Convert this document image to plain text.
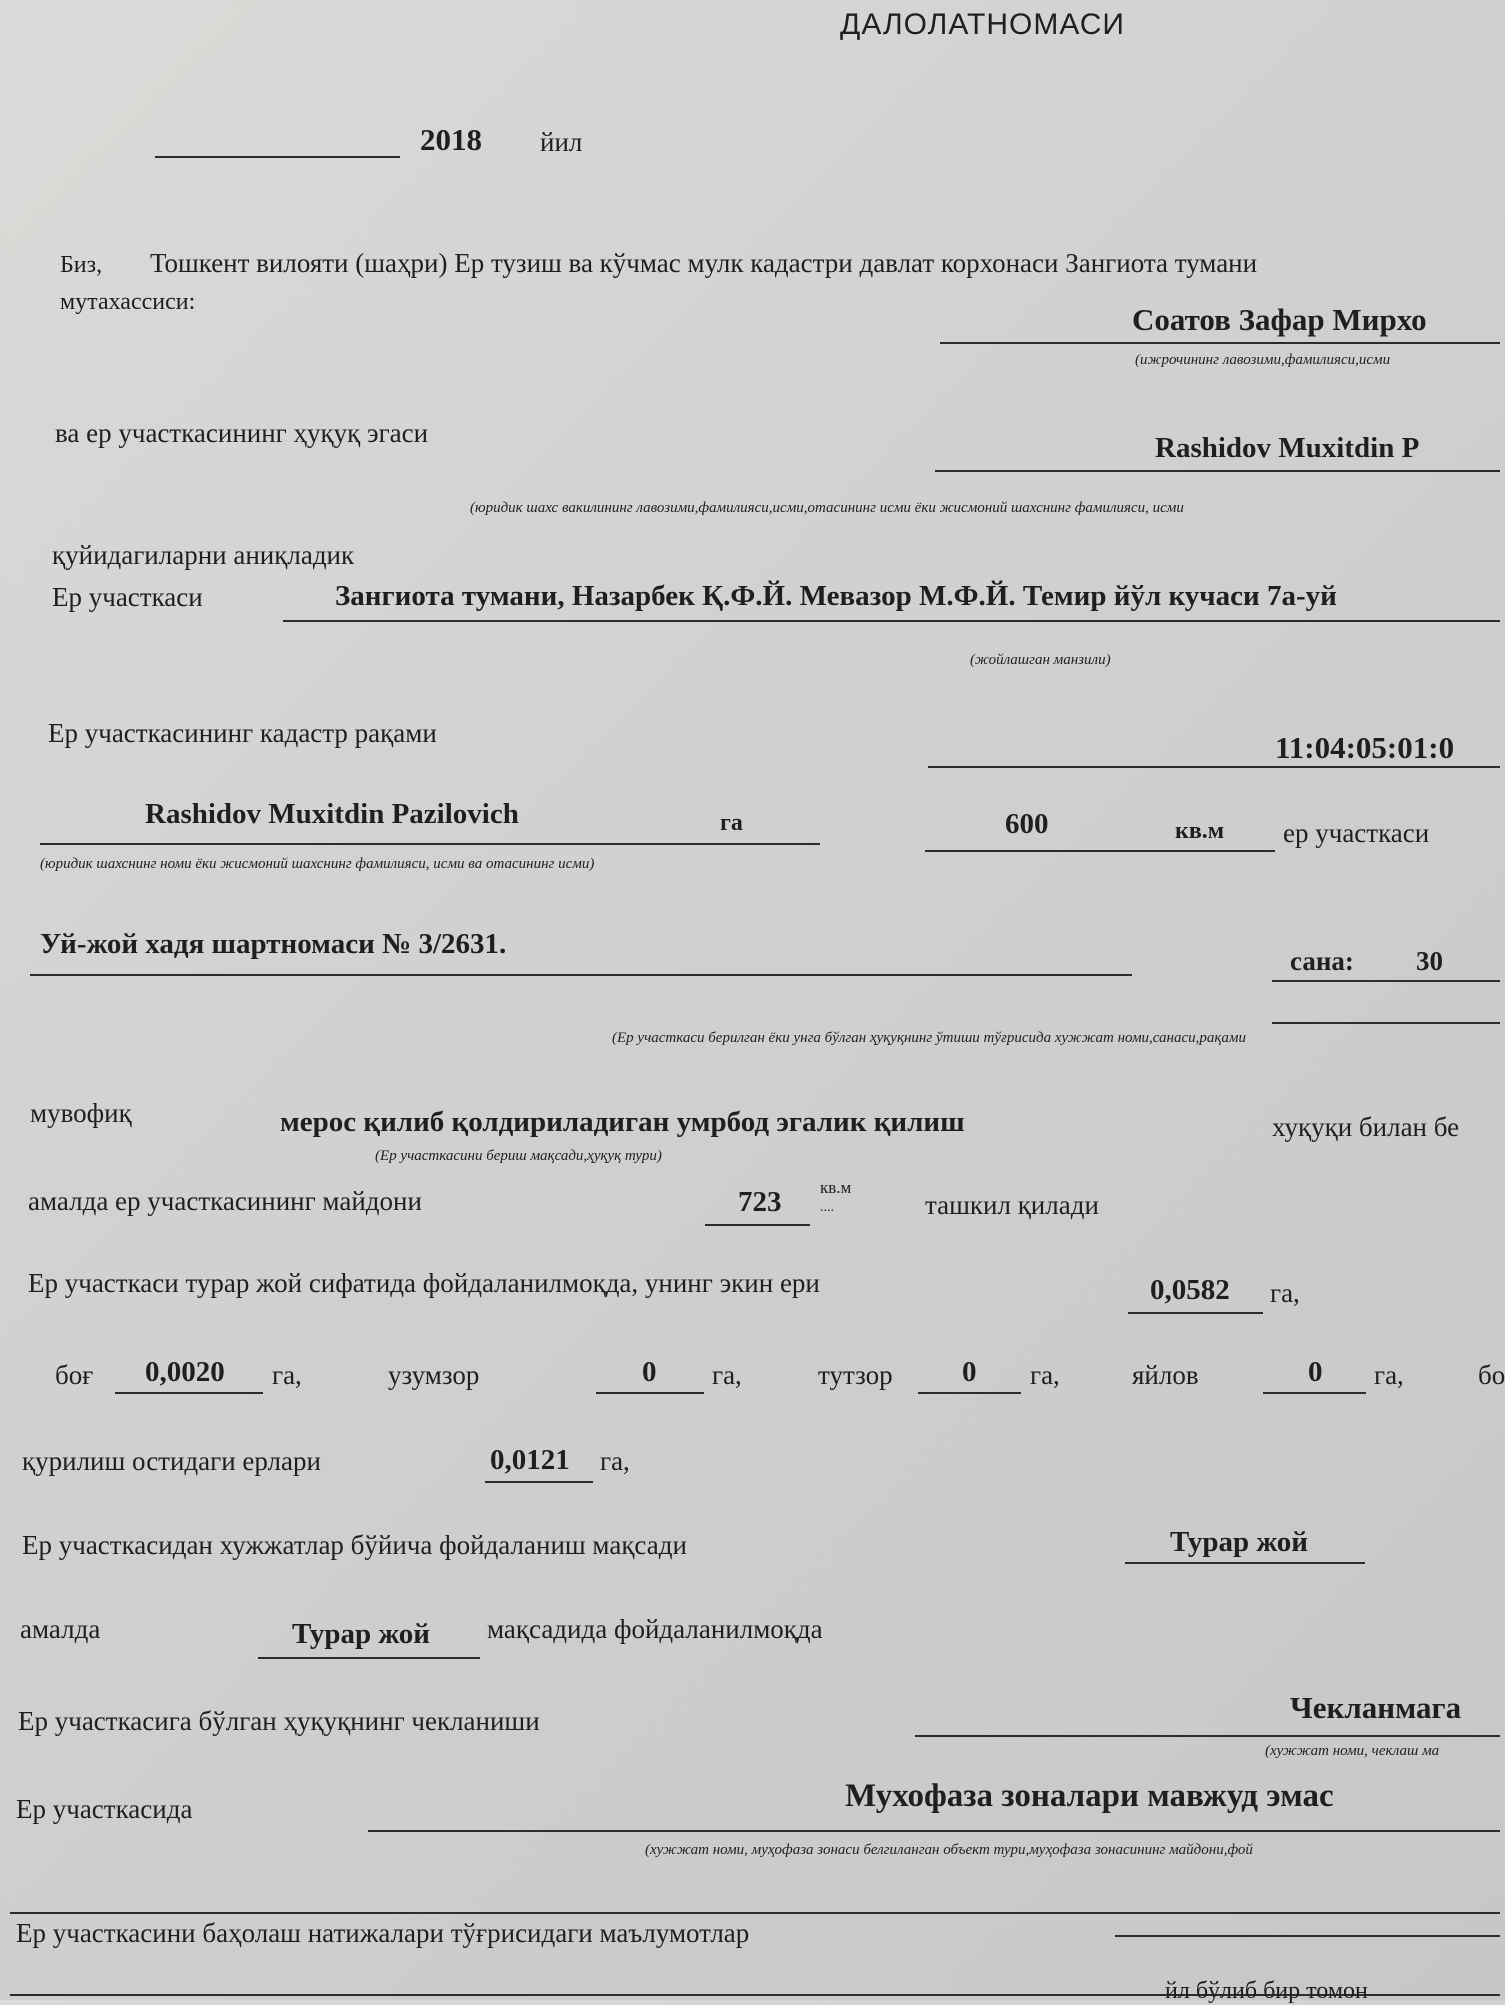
ДАЛОЛАТНОМАСИ
2018 йил
Биз, Тошкент вилояти (шаҳри) Ер тузиш ва кўчмас мулк кадастри давлат корхонаси Зангиота тумани
мутахассиси:	Соатов Зафар Мирхо
(ижрочининг лавозими,фамилияси,исми
ва ер участкасининг ҳуқуқ эгаси	Rashidov Muxitdin P
(юридик шахс вакилининг лавозими,фамилияси,исми,отасининг исми ёки жисмоний шахснинг фамилияси, исми
қуйидагиларни аниқладик
Ер участкаси	Зангиота тумани, Назарбек Қ.Ф.Й. Мевазор М.Ф.Й. Темир йўл кучаси 7а-уй
(жойлашган манзили)
Ер участкасининг кадастр рақами	11:04:05:01:0
Rashidov Muxitdin Pazilovich	га
(юридик шахснинг номи ёки жисмоний шахснинг фамилияси, исми ва отасининг исми)
600	кв.м ер участкаси
Уй-жой хадя шартномаси № 3/2631.
сана: 30
(Ер участкаси берилган ёки унга бўлган ҳуқуқнинг ўтиши тўғрисида хужжат номи,санаси,рақами
мувофиқ	мерос қилиб қолдириладиган умрбод эгалик қилиш	хуқуқи билан бе
(Ер участкасини бериш мақсади,ҳуқуқ тури)
амалда ер участкасининг майдони	723 кв.м
....	ташкил қилади
Ер участкаси турар жой сифатида фойдаланилмоқда, унинг экин ери	0,0582 га,
боғ 0,0020 га,	узумзор	0 га,	тутзор 0 га,	яйлов	0 га,	бо
қурилиш остидаги ерлари	0,0121 га,
Ер участкасидан хужжатлар бўйича фойдаланиш мақсади	Турар жой
амалда	Турар жой мақсадида фойдаланилмоқда
Ер участкасига бўлган ҳуқуқнинг чекланиши	Чекланмага
(хужжат номи, чеклаш ма
Ер участкасида	Мухофаза зоналари мавжуд эмас
(хужжат номи, муҳофаза зонаси белгиланган объект тури,муҳофаза зонасининг майдони,фой
Ер участкасини баҳолаш натижалари тўғрисидаги маълумотлар
йл бўлиб бир томон
